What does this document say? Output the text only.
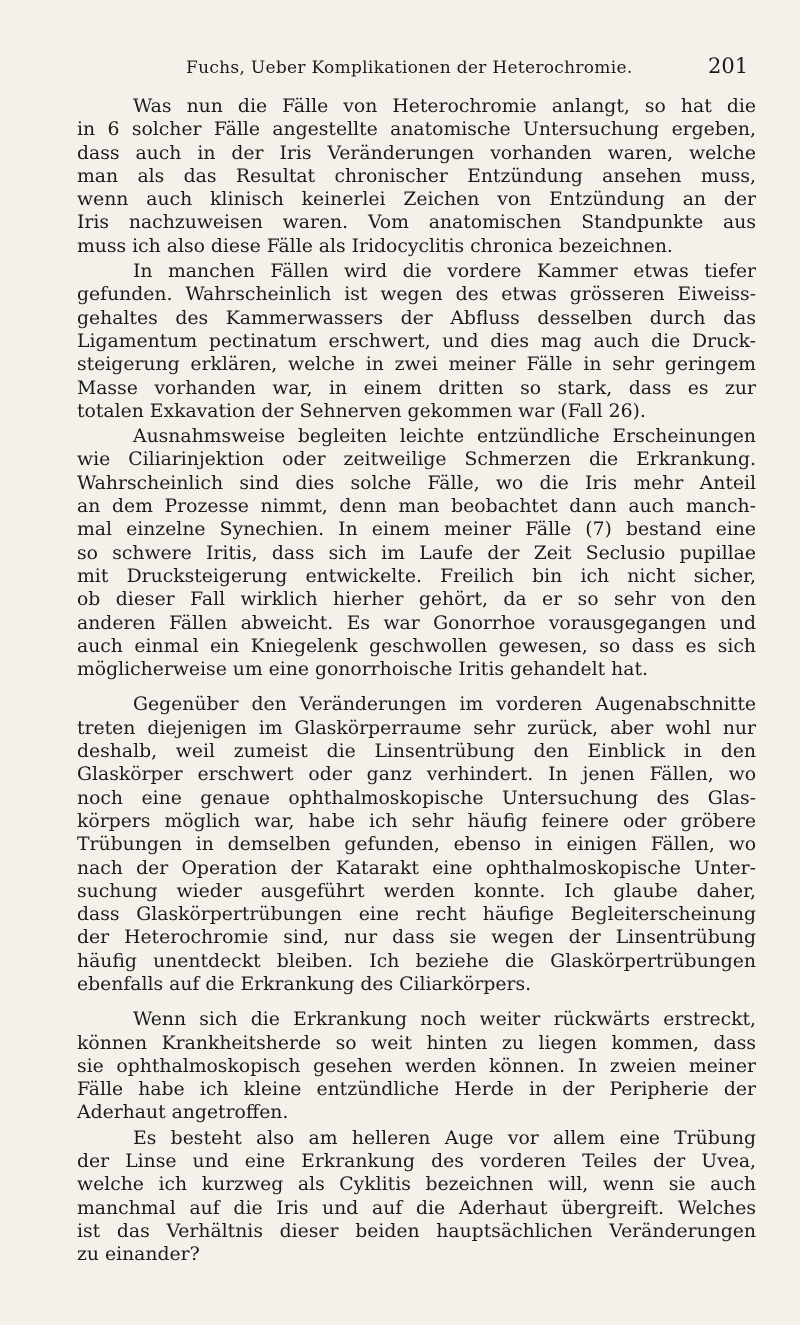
Fuchs, Ueber Komplikationen der Heterochromie.	201
Was nun die Fälle von Heterochromie anlangt, so hat die
in 6 solcher Fälle angestellte anatomische Untersuchung ergeben,
dass auch in der Iris Veränderungen vorhanden waren, welche
man als das Resultat chronischer Entzündung ansehen muss,
wenn auch klinisch keinerlei Zeichen von Entzündung an der
Iris nachzuweisen waren. Vom anatomischen Standpunkte aus
muss ich also diese Fälle als Iridocyclitis chronica bezeichnen.
In manchen Fällen wird die vordere Kammer etwas tiefer
gefunden. Wahrscheinlich ist wegen des etwas grösseren Eiweiss-
gehaltes des Kammerwassers der Abfluss desselben durch das
Ligamentum pectinatum erschwert, und dies mag auch die Druck-
steigerung erklären, welche in zwei meiner Fälle in sehr geringem
Masse vorhanden war, in einem dritten so stark, dass es zur
totalen Exkavation der Sehnerven gekommen war (Fall 26).
Ausnahmsweise begleiten leichte entzündliche Erscheinungen
wie Ciliarinjektion oder zeitweilige Schmerzen die Erkrankung.
Wahrscheinlich sind dies solche Fälle, wo die Iris mehr Anteil
an dem Prozesse nimmt, denn man beobachtet dann auch manch-
mal einzelne Synechien. In einem meiner Fälle (7) bestand eine
so schwere Iritis, dass sich im Laufe der Zeit Seclusio pupillae
mit Drucksteigerung entwickelte. Freilich bin ich nicht sicher,
ob dieser Fall wirklich hierher gehört, da er so sehr von den
anderen Fällen abweicht. Es war Gonorrhoe vorausgegangen und
auch einmal ein Kniegelenk geschwollen gewesen, so dass es sich
möglicherweise um eine gonorrhoische Iritis gehandelt hat.
Gegenüber den Veränderungen im vorderen Augenabschnitte
treten diejenigen im Glaskörperraume sehr zurück, aber wohl nur
deshalb, weil zumeist die Linsentrübung den Einblick in den
Glaskörper erschwert oder ganz verhindert. In jenen Fällen, wo
noch eine genaue ophthalmoskopische Untersuchung des Glas-
körpers möglich war, habe ich sehr häufig feinere oder gröbere
Trübungen in demselben gefunden, ebenso in einigen Fällen, wo
nach der Operation der Katarakt eine ophthalmoskopische Unter-
suchung wieder ausgeführt werden konnte. Ich glaube daher,
dass Glaskörpertrübungen eine recht häufige Begleiterscheinung
der Heterochromie sind, nur dass sie wegen der Linsentrübung
häufig unentdeckt bleiben. Ich beziehe die Glaskörpertrübungen
ebenfalls auf die Erkrankung des Ciliarkörpers.
Wenn sich die Erkrankung noch weiter rückwärts erstreckt,
können Krankheitsherde so weit hinten zu liegen kommen, dass
sie ophthalmoskopisch gesehen werden können. In zweien meiner
Fälle habe ich kleine entzündliche Herde in der Peripherie der
Aderhaut angetroffen.
Es besteht also am helleren Auge vor allem eine Trübung
der Linse und eine Erkrankung des vorderen Teiles der Uvea,
welche ich kurzweg als Cyklitis bezeichnen will, wenn sie auch
manchmal auf die Iris und auf die Aderhaut übergreift. Welches
ist das Verhältnis dieser beiden hauptsächlichen Veränderungen
zu einander?
